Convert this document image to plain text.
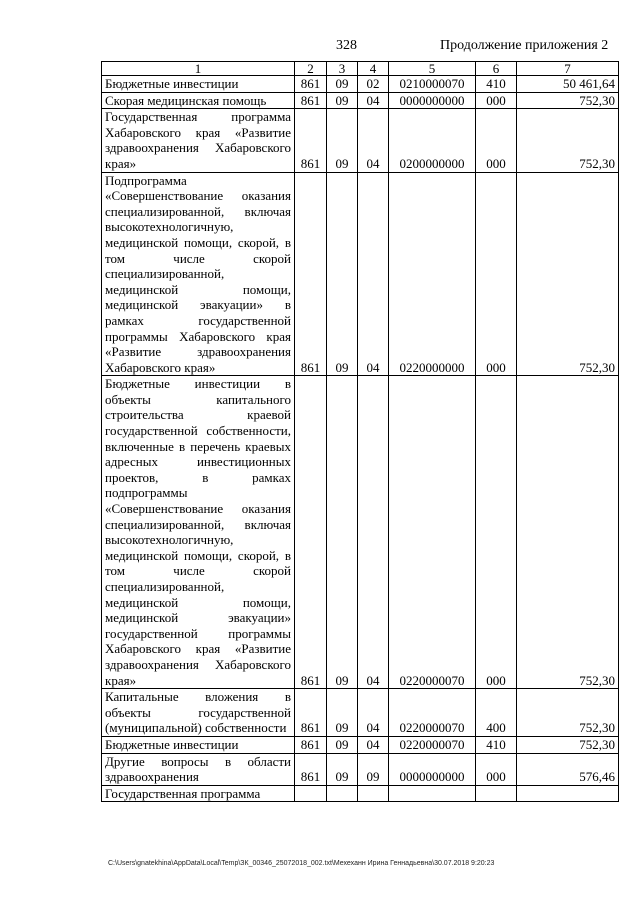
328	Продолжение приложения 2
1	2	3	4	5	6	7
Бюджетные инвестиции	861	09	02	0210000070	410	50 461,64
Скорая медицинская помощь	861	09	04	0000000000	000	752,30
Государственная программа Хабаровского края «Развитие здравоохранения Хабаровского края»	861	09	04	0200000000	000	752,30
Подпрограмма «Совершенствование оказания специализированной, включая высокотехнологичную, медицинской помощи, скорой, в том числе скорой специализированной, медицинской помощи, медицинской эвакуации» в рамках государственной программы Хабаровского края «Развитие здравоохранения Хабаровского края»	861	09	04	0220000000	000	752,30
Бюджетные инвестиции в объекты капитального строительства краевой государственной собственности, включенные в перечень краевых адресных инвестиционных проектов, в рамках подпрограммы «Совершенствование оказания специализированной, включая высокотехнологичную, медицинской помощи, скорой, в том числе скорой специализированной, медицинской помощи, медицинской эвакуации» государственной программы Хабаровского края «Развитие здравоохранения Хабаровского края»	861	09	04	0220000070	000	752,30
Капитальные вложения в объекты государственной (муниципальной) собственности	861	09	04	0220000070	400	752,30
Бюджетные инвестиции	861	09	04	0220000070	410	752,30
Другие вопросы в области здравоохранения	861	09	09	0000000000	000	576,46
Государственная программа						
C:\Users\gnatekhina\AppData\Local\Temp\ЗК_00346_25072018_002.txt\Мехеханн Ирина Геннадьевна\30.07.2018 9:20:23
